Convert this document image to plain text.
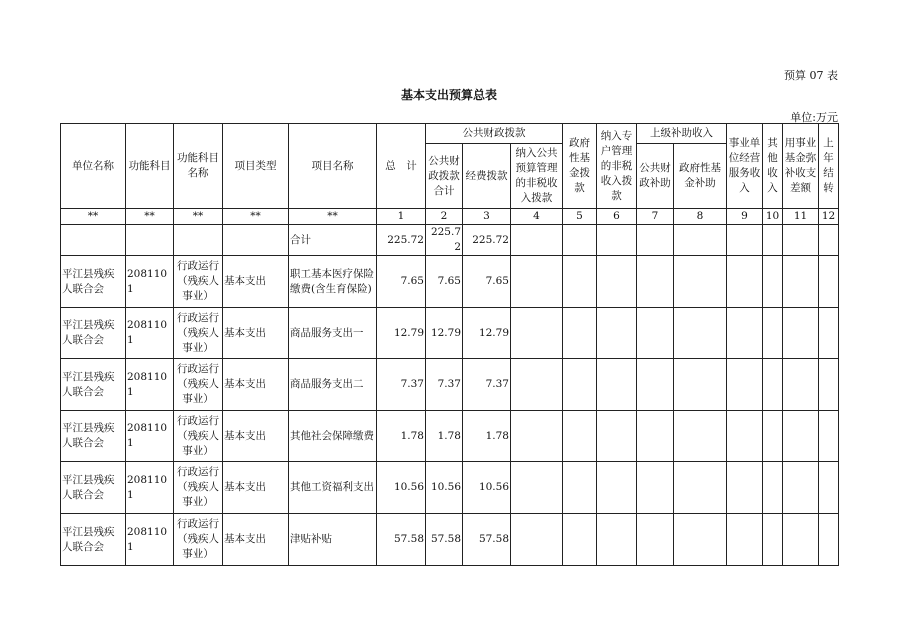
预算 07 表
基本支出预算总表
单位:万元
单位名称	功能科目	功能科目名称	项目类型	项目名称	总　计	公共财政拨款			政府性基金拨款	纳入专户管理的非税收入拨款	上级补助收入		事业单位经营服务收入	其他收入	用事业基金弥补收支差额	上年结转
						公共财政拨款合计	经费拨款	纳入公共预算管理的非税收入拨款			公共财政补助	政府性基金补助				
**	**	**	**	**	1	2	3	4	5	6	7	8	9	10	11	12
				合计	225.72	225.72	225.72									
平江县残疾人联合会	2081101	行政运行（残疾人事业）	基本支出	职工基本医疗保险缴费(含生育保险)	7.65	7.65	7.65									
平江县残疾人联合会	2081101	行政运行（残疾人事业）	基本支出	商品服务支出一	12.79	12.79	12.79									
平江县残疾人联合会	2081101	行政运行（残疾人事业）	基本支出	商品服务支出二	7.37	7.37	7.37									
平江县残疾人联合会	2081101	行政运行（残疾人事业）	基本支出	其他社会保障缴费	1.78	1.78	1.78									
平江县残疾人联合会	2081101	行政运行（残疾人事业）	基本支出	其他工资福利支出	10.56	10.56	10.56									
平江县残疾人联合会	2081101	行政运行（残疾人事业）	基本支出	津贴补贴	57.58	57.58	57.58									
